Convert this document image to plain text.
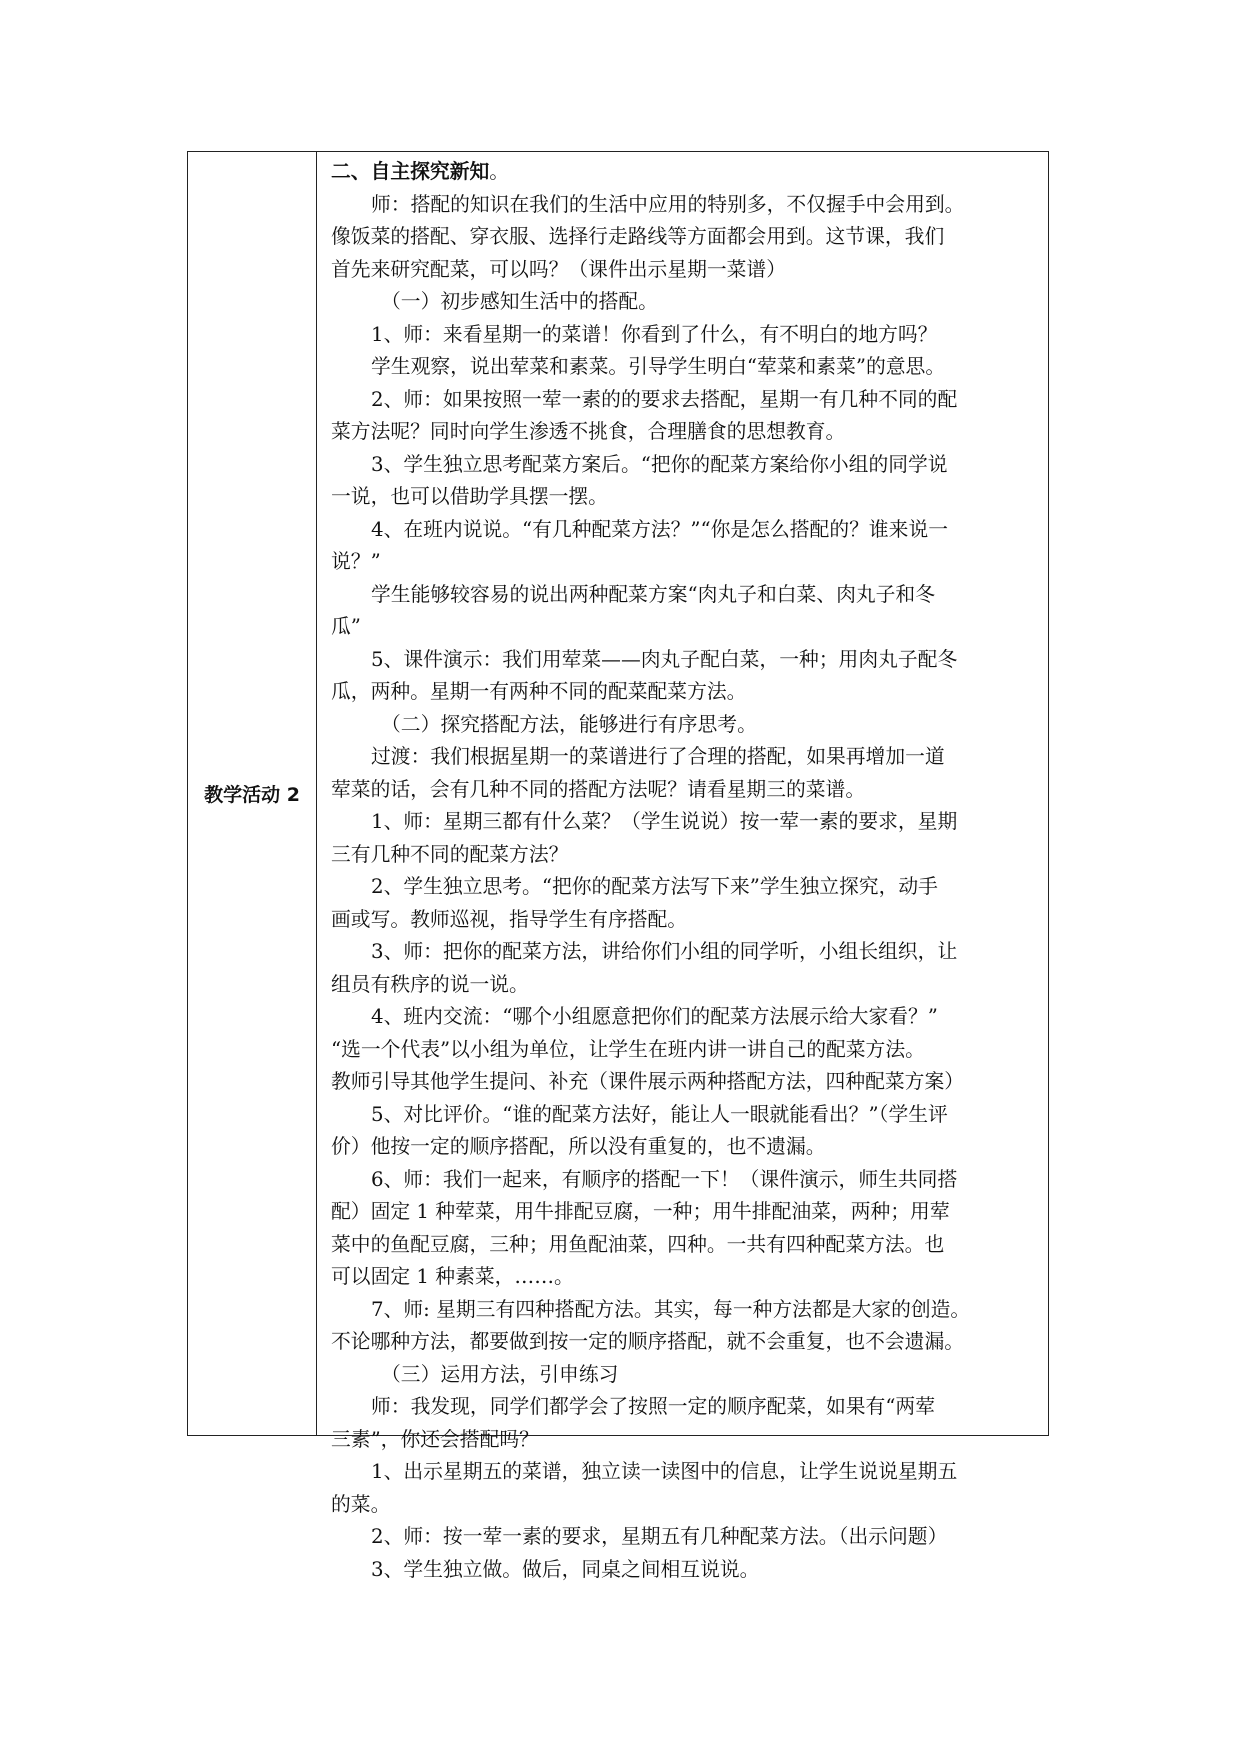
教学活动 2
二、自主探究新知。
师：搭配的知识在我们的生活中应用的特别多，不仅握手中会用到。
像饭菜的搭配、穿衣服、选择行走路线等方面都会用到。这节课，我们
首先来研究配菜，可以吗？（课件出示星期一菜谱）
（一）初步感知生活中的搭配。
1、师：来看星期一的菜谱！你看到了什么，有不明白的地方吗？
学生观察，说出荤菜和素菜。引导学生明白“荤菜和素菜”的意思。
2、师：如果按照一荤一素的的要求去搭配，星期一有几种不同的配
菜方法呢？同时向学生渗透不挑食，合理膳食的思想教育。
3、学生独立思考配菜方案后。“把你的配菜方案给你小组的同学说
一说，也可以借助学具摆一摆。
4、在班内说说。“有几种配菜方法？”“你是怎么搭配的？谁来说一
说？”
学生能够较容易的说出两种配菜方案“肉丸子和白菜、肉丸子和冬
瓜”
5、课件演示：我们用荤菜——肉丸子配白菜，一种；用肉丸子配冬
瓜，两种。星期一有两种不同的配菜配菜方法。
（二）探究搭配方法，能够进行有序思考。
过渡：我们根据星期一的菜谱进行了合理的搭配，如果再增加一道
荤菜的话，会有几种不同的搭配方法呢？请看星期三的菜谱。
1、师：星期三都有什么菜？（学生说说）按一荤一素的要求，星期
三有几种不同的配菜方法？
2、学生独立思考。“把你的配菜方法写下来”学生独立探究，动手
画或写。教师巡视，指导学生有序搭配。
3、师：把你的配菜方法，讲给你们小组的同学听，小组长组织，让
组员有秩序的说一说。
4、班内交流：“哪个小组愿意把你们的配菜方法展示给大家看？”
“选一个代表”以小组为单位，让学生在班内讲一讲自己的配菜方法。
教师引导其他学生提问、补充（课件展示两种搭配方法，四种配菜方案）
5、对比评价。“谁的配菜方法好，能让人一眼就能看出？”（学生评
价）他按一定的顺序搭配，所以没有重复的，也不遗漏。
6、师：我们一起来，有顺序的搭配一下！（课件演示，师生共同搭
配）固定 1 种荤菜，用牛排配豆腐，一种；用牛排配油菜，两种；用荤
菜中的鱼配豆腐，三种；用鱼配油菜，四种。一共有四种配菜方法。也
可以固定 1 种素菜，……。
7、师: 星期三有四种搭配方法。其实，每一种方法都是大家的创造。
不论哪种方法，都要做到按一定的顺序搭配，就不会重复，也不会遗漏。
（三）运用方法，引申练习
师：我发现，同学们都学会了按照一定的顺序配菜，如果有“两荤
三素”，你还会搭配吗？
1、出示星期五的菜谱，独立读一读图中的信息，让学生说说星期五
的菜。
2、师：按一荤一素的要求，星期五有几种配菜方法。（出示问题）
3、学生独立做。做后，同桌之间相互说说。
